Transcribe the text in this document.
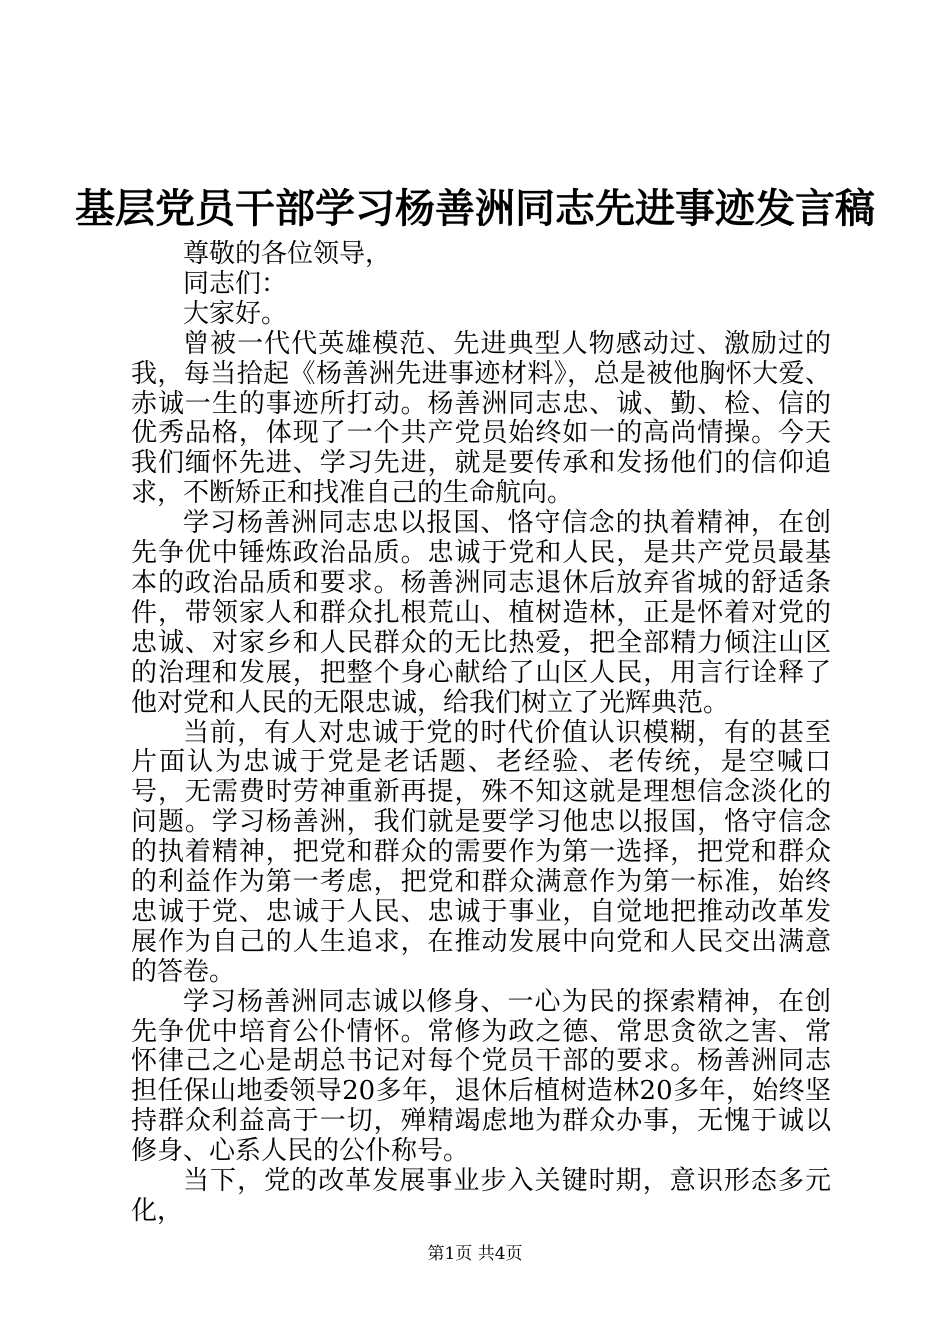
基层党员干部学习杨善洲同志先进事迹发言稿

尊敬的各位领导，

同志们：

大家好。

曾被一代代英雄模范、先进典型人物感动过、激励过的我，每当拾起《杨善洲先进事迹材料》，总是被他胸怀大爱、赤诚一生的事迹所打动。杨善洲同志忠、诚、勤、检、信的优秀品格，体现了一个共产党员始终如一的高尚情操。今天我们缅怀先进、学习先进，就是要传承和发扬他们的信仰追求，不断矫正和找准自己的生命航向。

学习杨善洲同志忠以报国、恪守信念的执着精神，在创先争优中锤炼政治品质。忠诚于党和人民，是共产党员最基本的政治品质和要求。杨善洲同志退休后放弃省城的舒适条件，带领家人和群众扎根荒山、植树造林，正是怀着对党的忠诚、对家乡和人民群众的无比热爱，把全部精力倾注山区的治理和发展，把整个身心献给了山区人民，用言行诠释了他对党和人民的无限忠诚，给我们树立了光辉典范。

当前，有人对忠诚于党的时代价值认识模糊，有的甚至片面认为忠诚于党是老话题、老经验、老传统，是空喊口号，无需费时劳神重新再提，殊不知这就是理想信念淡化的问题。学习杨善洲，我们就是要学习他忠以报国，恪守信念的执着精神，把党和群众的需要作为第一选择，把党和群众的利益作为第一考虑，把党和群众满意作为第一标准，始终忠诚于党、忠诚于人民、忠诚于事业，自觉地把推动改革发展作为自己的人生追求，在推动发展中向党和人民交出满意的答卷。

学习杨善洲同志诚以修身、一心为民的探索精神，在创先争优中培育公仆情怀。常修为政之德、常思贪欲之害、常怀律己之心是胡总书记对每个党员干部的要求。杨善洲同志担任保山地委领导20多年，退休后植树造林20多年，始终坚持群众利益高于一切，殚精竭虑地为群众办事，无愧于诚以修身、心系人民的公仆称号。

当下，党的改革发展事业步入关键时期，意识形态多元化，

第1页 共4页
